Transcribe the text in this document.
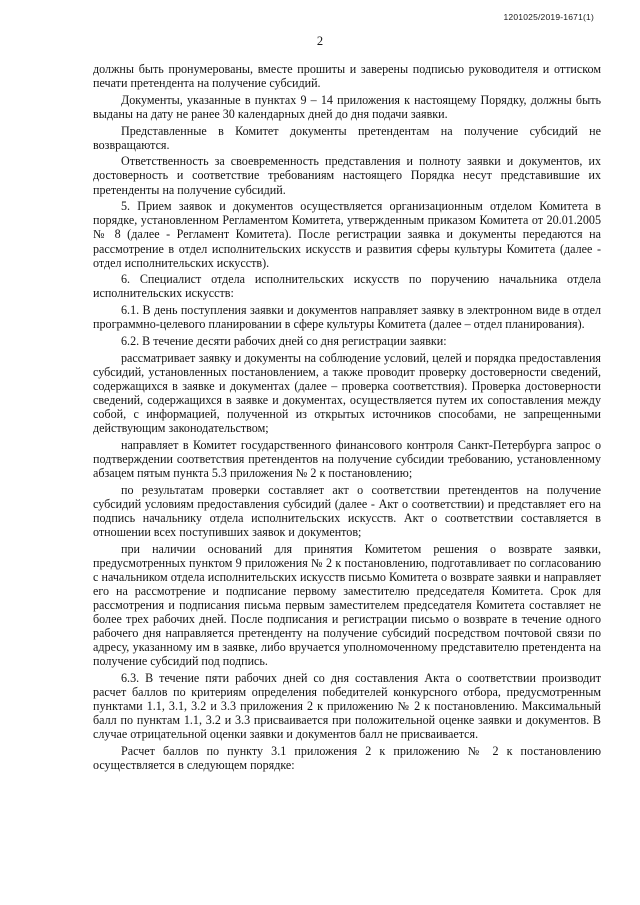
1201025/2019-1671(1)
2

должны быть пронумерованы, вместе прошиты и заверены подписью руководителя и оттиском печати претендента на получение субсидий.

Документы, указанные в пунктах 9 – 14 приложения к настоящему Порядку, должны быть выданы на дату не ранее 30 календарных дней до дня подачи заявки.

Представленные в Комитет документы претендентам на получение субсидий не возвращаются.

Ответственность за своевременность представления и полноту заявки и документов, их достоверность и соответствие требованиям настоящего Порядка несут представившие их претенденты на получение субсидий.

5. Прием заявок и документов осуществляется организационным отделом Комитета в порядке, установленном Регламентом Комитета, утвержденным приказом Комитета от 20.01.2005 № 8 (далее - Регламент Комитета). После регистрации заявка и документы передаются на рассмотрение в отдел исполнительских искусств и развития сферы культуры Комитета (далее - отдел исполнительских искусств).

6. Специалист отдела исполнительских искусств по поручению начальника отдела исполнительских искусств:

6.1. В день поступления заявки и документов направляет заявку в электронном виде в отдел программно-целевого планировании в сфере культуры Комитета (далее – отдел планирования).

6.2. В течение десяти рабочих дней со дня регистрации заявки:

рассматривает заявку и документы на соблюдение условий, целей и порядка предоставления субсидий, установленных постановлением, а также проводит проверку достоверности сведений, содержащихся в заявке и документах (далее – проверка соответствия). Проверка достоверности сведений, содержащихся в заявке и документах, осуществляется путем их сопоставления между собой, с информацией, полученной из открытых источников способами, не запрещенными действующим законодательством;

направляет в Комитет государственного финансового контроля Санкт-Петербурга запрос о подтверждении соответствия претендентов на получение субсидии требованию, установленному абзацем пятым пункта 5.3 приложения № 2 к постановлению;

по результатам проверки составляет акт о соответствии претендентов на получение субсидий условиям предоставления субсидий (далее - Акт о соответствии) и представляет его на подпись начальнику отдела исполнительских искусств. Акт о соответствии составляется в отношении всех поступивших заявок и документов;

при наличии оснований для принятия Комитетом решения о возврате заявки, предусмотренных пунктом 9 приложения № 2 к постановлению, подготавливает по согласованию с начальником отдела исполнительских искусств письмо Комитета о возврате заявки и направляет его на рассмотрение и подписание первому заместителю председателя Комитета. Срок для рассмотрения и подписания письма первым заместителем председателя Комитета составляет не более трех рабочих дней. После подписания и регистрации письмо о возврате в течение одного рабочего дня направляется претенденту на получение субсидий посредством почтовой связи по адресу, указанному им в заявке, либо вручается уполномоченному представителю претендента на получение субсидий под подпись.

6.3. В течение пяти рабочих дней со дня составления Акта о соответствии производит расчет баллов по критериям определения победителей конкурсного отбора, предусмотренным пунктами 1.1, 3.1, 3.2 и 3.3 приложения 2 к приложению № 2 к постановлению. Максимальный балл по пунктам 1.1, 3.2 и 3.3 присваивается при положительной оценке заявки и документов. В случае отрицательной оценки заявки и документов балл не присваивается.

Расчет баллов по пункту 3.1 приложения 2 к приложению № 2 к постановлению осуществляется в следующем порядке:
